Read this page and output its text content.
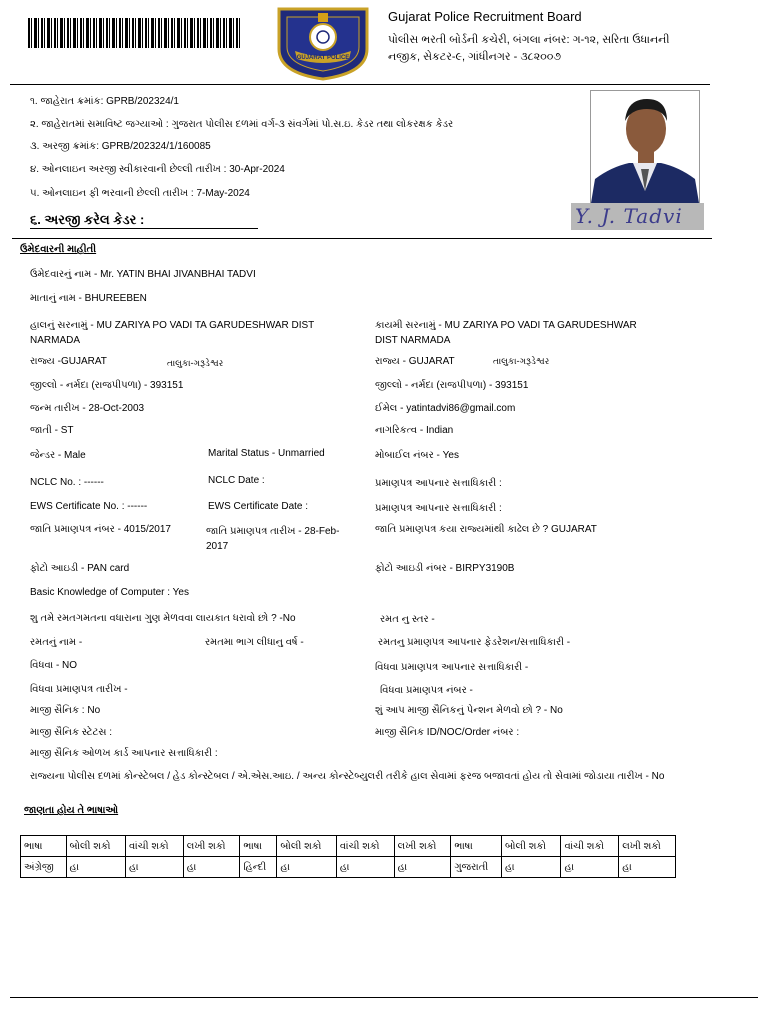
GUJARAT POLICE
Gujarat Police Recruitment Board
પોલીસ ભરતી બોર્ડની કચેરી, બંગલા નંબર: ગ-૧૨, સરિતા ઉધાનની
નજીક, સેકટર-૯, ગાંધીનગર - ૩૮૨૦૦૭
૧. જાહેરાત ક્રમાંક: GPRB/202324/1
૨. જાહેરાતમાં સમાવિષ્ટ જગ્યાઓ : ગુજરાત પોલીસ દળમાં વર્ગ-૩ સંવર્ગમાં પો.સ.ઇ. કેડર તથા લોકરક્ષક કેડર
૩. અરજી ક્રમાંક: GPRB/202324/1/160085
૪. ઓનલાઇન અરજી સ્વીકારવાની છેલ્લી તારીખ : 30-Apr-2024
૫. ઓનલાઇન ફી ભરવાની છેલ્લી તારીખ : 7-May-2024
૬. અરજી કરેલ કેડર :	Y. J. Tadvi
ઉમેદવારની માહીતી
ઉમેદવારનું નામ - Mr. YATIN BHAI JIVANBHAI TADVI
માતાનું નામ - BHUREEBEN
હાલનું સરનામું - MU ZARIYA PO VADI TA GARUDESHWAR DIST
NARMADA
કાયમી સરનામું - MU ZARIYA PO VADI TA GARUDESHWAR
DIST NARMADA
રાજ્ય -GUJARAT	તાલુકા-ગરૂડેશ્વર	રાજ્ય - GUJARAT	તાલુકા-ગરૂડેશ્વર
જીલ્લો - નર્મદા (રાજપીપળા) - 393151	જીલ્લો - નર્મદા (રાજપીપળા) - 393151
જન્મ તારીખ - 28-Oct-2003	ઈમેલ - yatintadvi86@gmail.com
જાતી - ST	નાગરિકત્વ - Indian
જેન્ડર - Male	Marital Status - Unmarried	મોબાઈલ નંબર - Yes
NCLC No. : ------	NCLC Date :	પ્રમાણપત્ર આપનાર સત્તાધિકારી :
EWS Certificate No. : ------	EWS Certificate Date :	પ્રમાણપત્ર આપનાર સત્તાધિકારી :
જાતિ પ્રમાણપત્ર નંબર - 4015/2017	જાતિ પ્રમાણપત્ર તારીખ - 28-Feb-
2017
જાતિ પ્રમાણપત્ર કયા રાજ્યમાંથી કાઢેલ છે ? GUJARAT
ફોટો આઇડી - PAN card	ફોટો આઇડી નંબર - BIRPY3190B
Basic Knowledge of Computer : Yes
શુ તમે રમતગમતના વધારાના ગુણ મેળવવા લાયકાત ધરાવો છો ? -No	રમત નુ સ્તર -
રમતનું નામ -	રમતમા ભાગ લીધાનુ વર્ષ -	રમતનુ પ્રમાણપત્ર આપનાર ફેડરેશન/સત્તાધિકારી -
વિધવા - NO	વિધવા પ્રમાણપત્ર આપનાર સત્તાધિકારી -
વિધવા પ્રમાણપત્ર તારીખ -	વિધવા પ્રમાણપત્ર નંબર -
માજી સૈનિક : No	શું આપ માજી સૈનિકનું પેન્શન મેળવો છો ? - No
માજી સૈનિક સ્ટેટસ :	માજી સૈનિક ID/NOC/Order નંબર :
માજી સૈનિક ઓળખ કાર્ડ આપનાર સત્તાધિકારી :
રાજ્યના પોલીસ દળમાં કોન્સ્ટેબલ / હેડ કોન્સ્ટેબલ / એ.એસ.આઇ. / અન્ય કોન્સ્ટેબ્યુલરી તરીકે હાલ સેવામાં ફરજ બજાવતાં હોય તો સેવામાં જોડાયા તારીખ - No
જાણતા હોય તે ભાષાઓ
ભાષા	બોલી શકો	વાંચી શકો	લખી શકો	ભાષા	બોલી શકો	વાંચી શકો	લખી શકો	ભાષા	બોલી શકો	વાંચી શકો	લખી શકો
અંગ્રેજી	હા	હા	હા	હિન્દી	હા	હા	હા	ગુજરાતી	હા	હા	હા
